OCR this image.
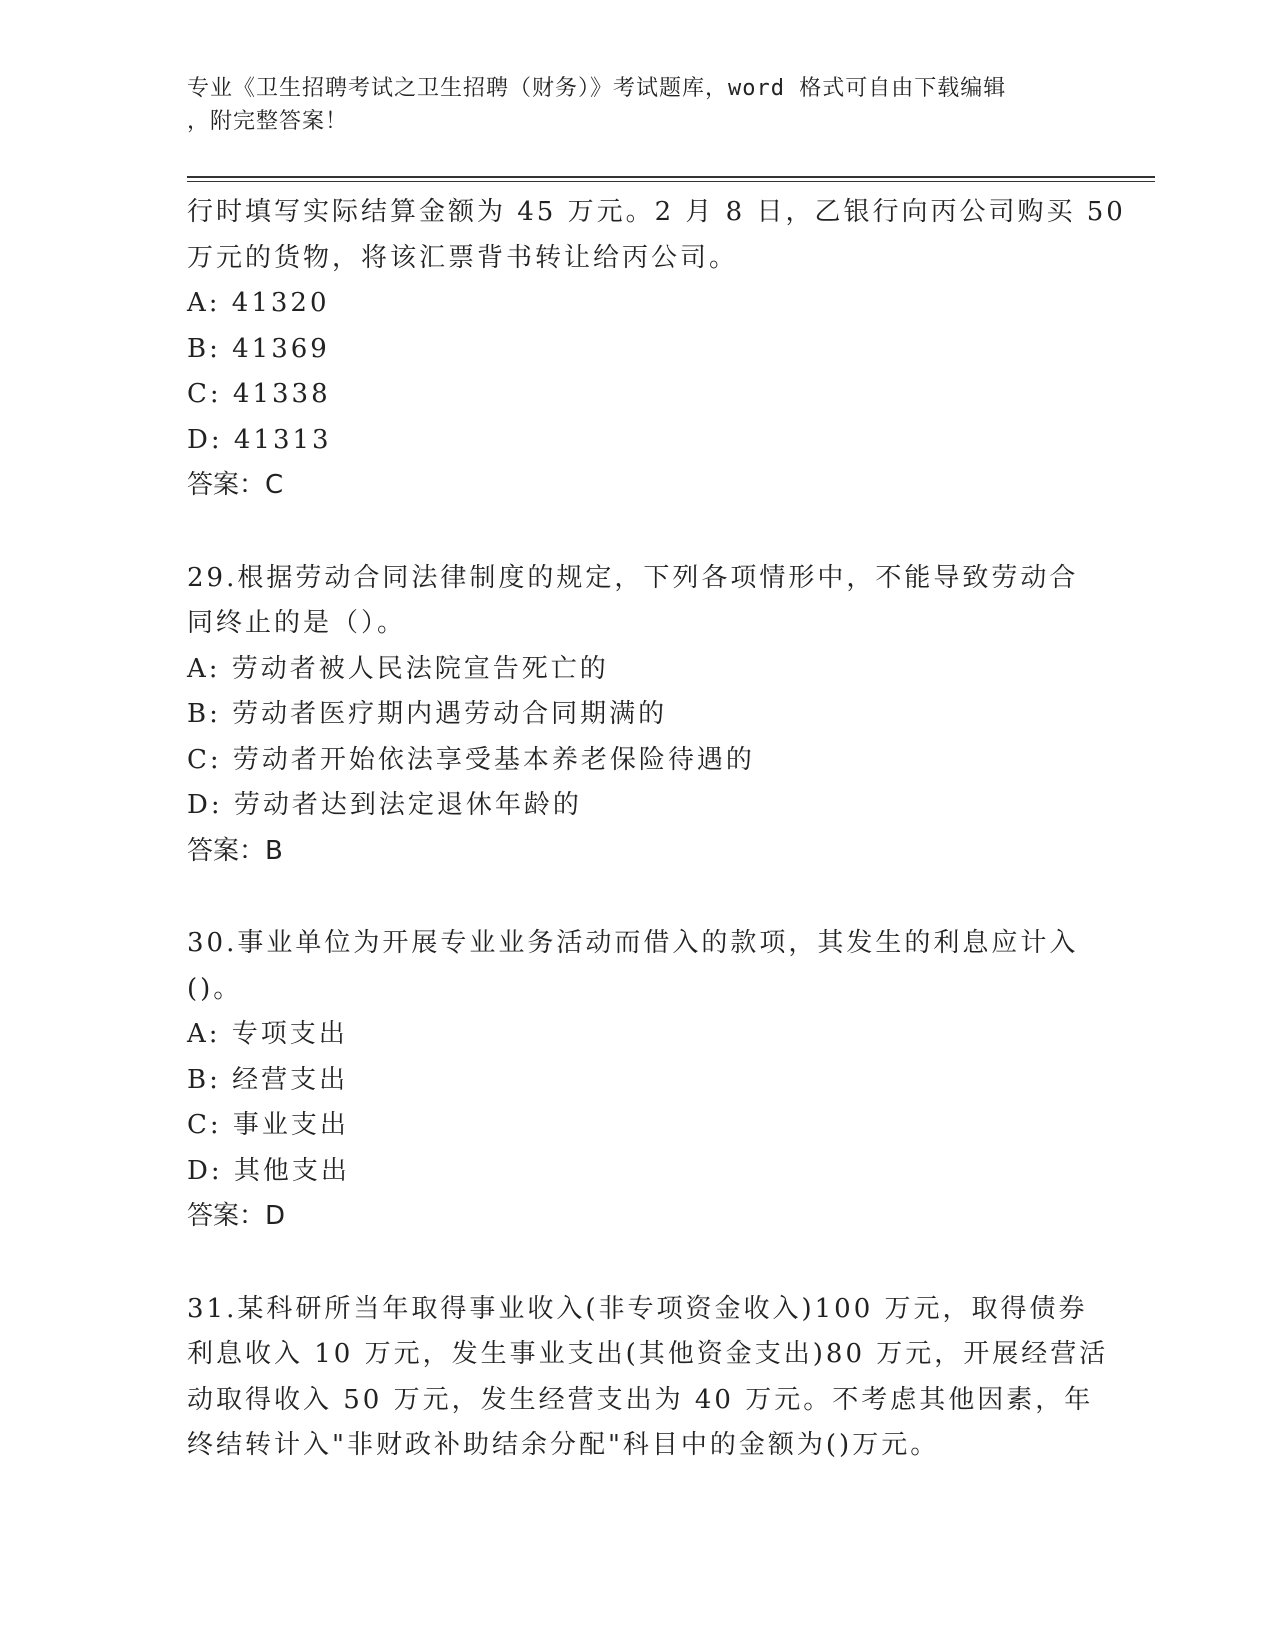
专业《卫生招聘考试之卫生招聘（财务）》考试题库，word 格式可自由下载编辑
，附完整答案！
行时填写实际结算金额为 45 万元。2 月 8 日，乙银行向丙公司购买 50
万元的货物，将该汇票背书转让给丙公司。
A: 41320
B: 41369
C: 41338
D: 41313
答案：C
29.根据劳动合同法律制度的规定，下列各项情形中，不能导致劳动合
同终止的是（）。
A: 劳动者被人民法院宣告死亡的
B: 劳动者医疗期内遇劳动合同期满的
C: 劳动者开始依法享受基本养老保险待遇的
D: 劳动者达到法定退休年龄的
答案：B
30.事业单位为开展专业业务活动而借入的款项，其发生的利息应计入
()。
A: 专项支出
B: 经营支出
C: 事业支出
D: 其他支出
答案：D
31.某科研所当年取得事业收入(非专项资金收入)100 万元，取得债券
利息收入 10 万元，发生事业支出(其他资金支出)80 万元，开展经营活
动取得收入 50 万元，发生经营支出为 40 万元。不考虑其他因素，年
终结转计入"非财政补助结余分配"科目中的金额为()万元。
